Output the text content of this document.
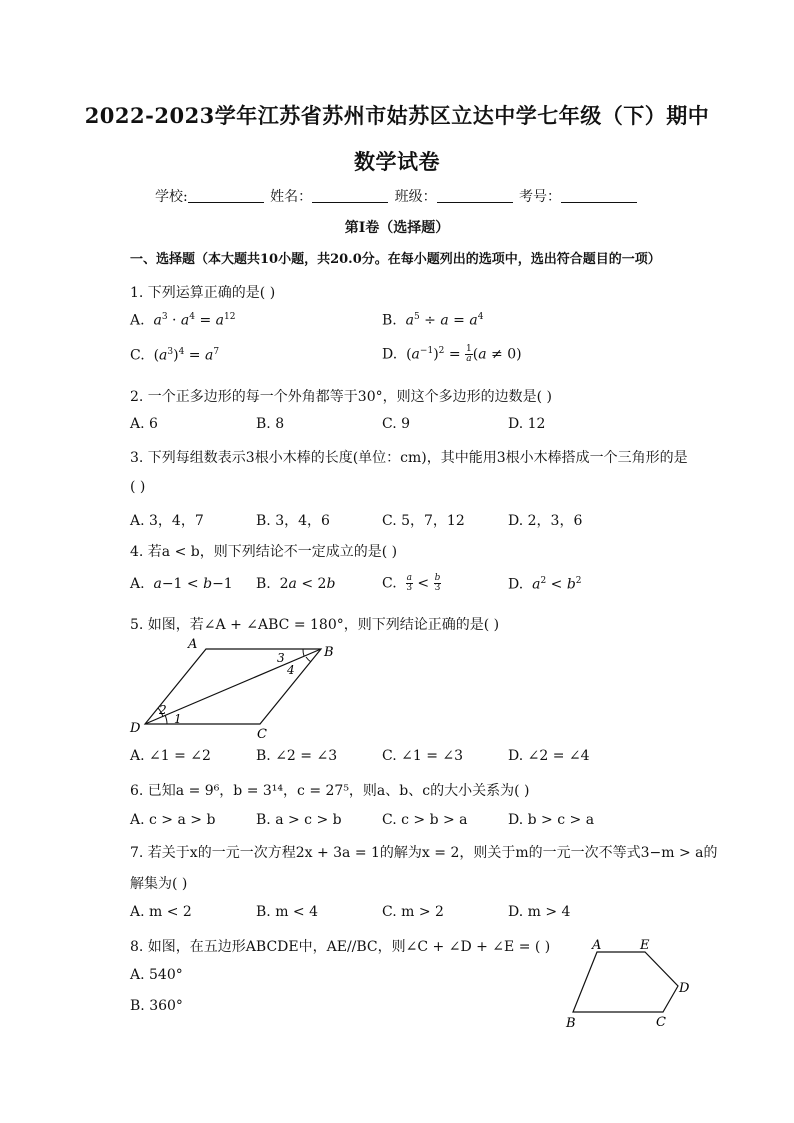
2022-2023学年江苏省苏州市姑苏区立达中学七年级（下）期中
数学试卷
学校:	姓名：	班级：	考号：
第I卷（选择题）
一、选择题（本大题共10小题，共20.0分。在每小题列出的选项中，选出符合题目的一项）
1. 下列运算正确的是( )
A.  $a^3 \cdot a^4 = a^{12}$	B.  $a^5 \div a = a^4$
C.  $(a^3)^4 = a^7$	D.  $(a^{-1})^2 = \frac{1}{a} (a \ne 0)$
2. 一个正多边形的每一个外角都等于30°，则这个多边形的边数是( )
A. 6	B. 8	C. 9	D. 12
3. 下列每组数表示3根小木棒的长度(单位：cm)，其中能用3根小木棒搭成一个三角形的是
( )
A. 3，4，7	B. 3，4，6	C. 5，7，12	D. 2，3，6
4. 若a < b，则下列结论不一定成立的是( )
A.  a−1 < b−1 B.  2a < 2b	C. $\frac{a}{3} < \frac{b}{3}$	D.  $a^2 < b^2$
5. 如图，若∠A + ∠ABC = 180°，则下列结论正确的是( )
A
B
C
D
1
2
3
4
A. ∠1 = ∠2	B. ∠2 = ∠3	C. ∠1 = ∠3	D. ∠2 = ∠4
6. 已知a = 9⁶，b = 3¹⁴，c = 27⁵，则a、b、c的大小关系为( )
A. c > a > b	B. a > c > b	C. c > b > a	D. b > c > a
7. 若关于x的一元一次方程2x + 3a = 1的解为x = 2，则关于m的一元一次不等式3−m > a的
解集为( )
A. m < 2	B. m < 4	C. m > 2	D. m > 4
8. 如图，在五边形ABCDE中，AE//BC，则∠C + ∠D + ∠E = ( )
A. 540°
B. 360°
A	E
D
B	C
